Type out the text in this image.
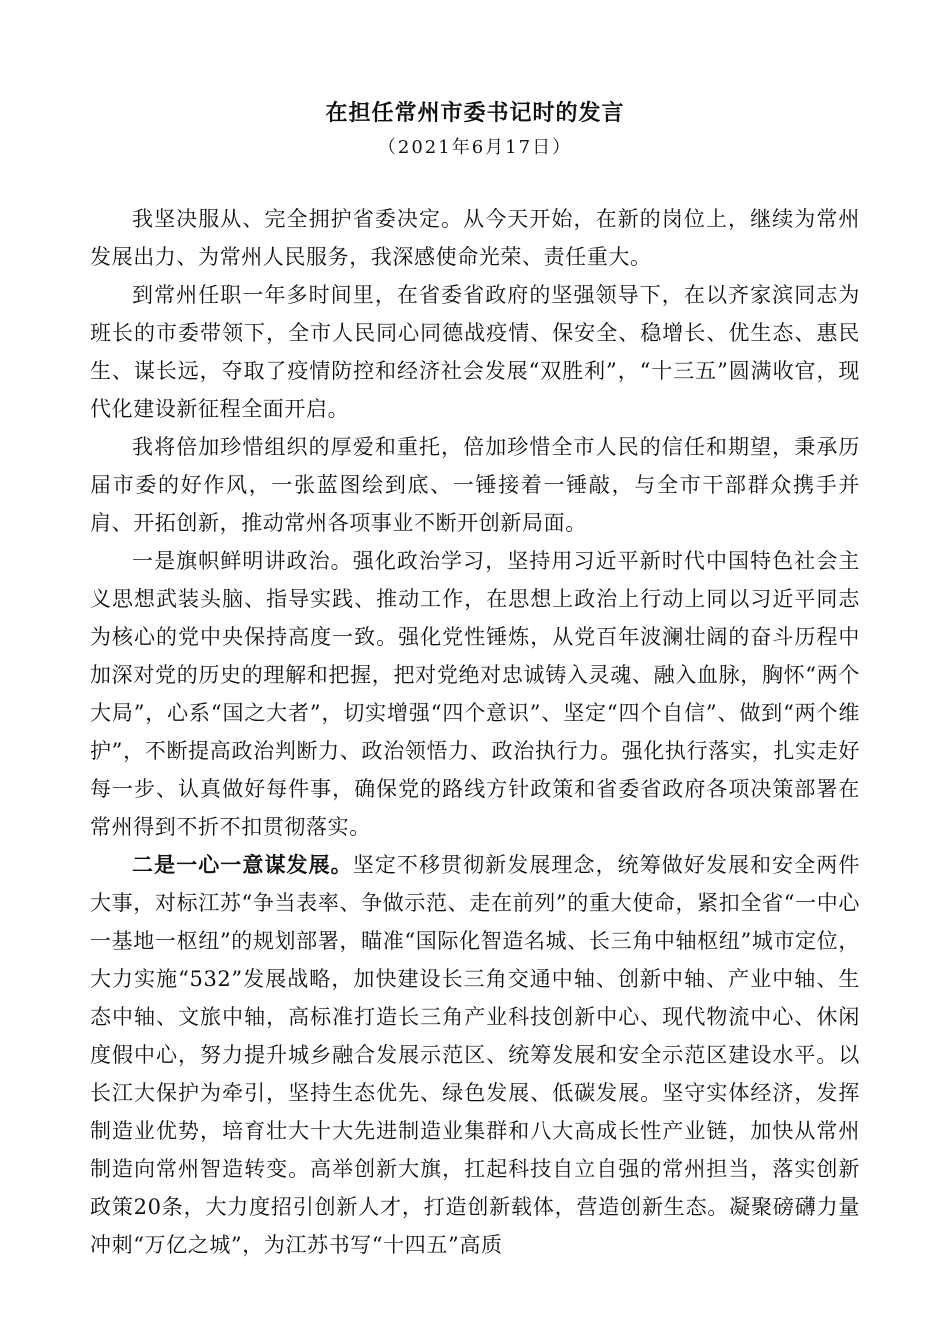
在担任常州市委书记时的发言
（2021年6月17日）

我坚决服从、完全拥护省委决定。从今天开始，在新的岗位上，继续为常州发展出力、为常州人民服务，我深感使命光荣、责任重大。

到常州任职一年多时间里，在省委省政府的坚强领导下，在以齐家滨同志为班长的市委带领下，全市人民同心同德战疫情、保安全、稳增长、优生态、惠民生、谋长远，夺取了疫情防控和经济社会发展“双胜利”，“十三五”圆满收官，现代化建设新征程全面开启。

我将倍加珍惜组织的厚爱和重托，倍加珍惜全市人民的信任和期望，秉承历届市委的好作风，一张蓝图绘到底、一锤接着一锤敲，与全市干部群众携手并肩、开拓创新，推动常州各项事业不断开创新局面。

一是旗帜鲜明讲政治。强化政治学习，坚持用习近平新时代中国特色社会主义思想武装头脑、指导实践、推动工作，在思想上政治上行动上同以习近平同志为核心的党中央保持高度一致。强化党性锤炼，从党百年波澜壮阔的奋斗历程中加深对党的历史的理解和把握，把对党绝对忠诚铸入灵魂、融入血脉，胸怀“两个大局”，心系“国之大者”，切实增强“四个意识”、坚定“四个自信”、做到“两个维护”，不断提高政治判断力、政治领悟力、政治执行力。强化执行落实，扎实走好每一步、认真做好每件事，确保党的路线方针政策和省委省政府各项决策部署在常州得到不折不扣贯彻落实。

二是一心一意谋发展。坚定不移贯彻新发展理念，统筹做好发展和安全两件大事，对标江苏“争当表率、争做示范、走在前列”的重大使命，紧扣全省“一中心一基地一枢纽”的规划部署，瞄准“国际化智造名城、长三角中轴枢纽”城市定位，大力实施“532”发展战略，加快建设长三角交通中轴、创新中轴、产业中轴、生态中轴、文旅中轴，高标准打造长三角产业科技创新中心、现代物流中心、休闲度假中心，努力提升城乡融合发展示范区、统筹发展和安全示范区建设水平。以长江大保护为牵引，坚持生态优先、绿色发展、低碳发展。坚守实体经济，发挥制造业优势，培育壮大十大先进制造业集群和八大高成长性产业链，加快从常州制造向常州智造转变。高举创新大旗，扛起科技自立自强的常州担当，落实创新政策20条，大力度招引创新人才，打造创新载体，营造创新生态。凝聚磅礴力量冲刺“万亿之城”，为江苏书写“十四五”高质
